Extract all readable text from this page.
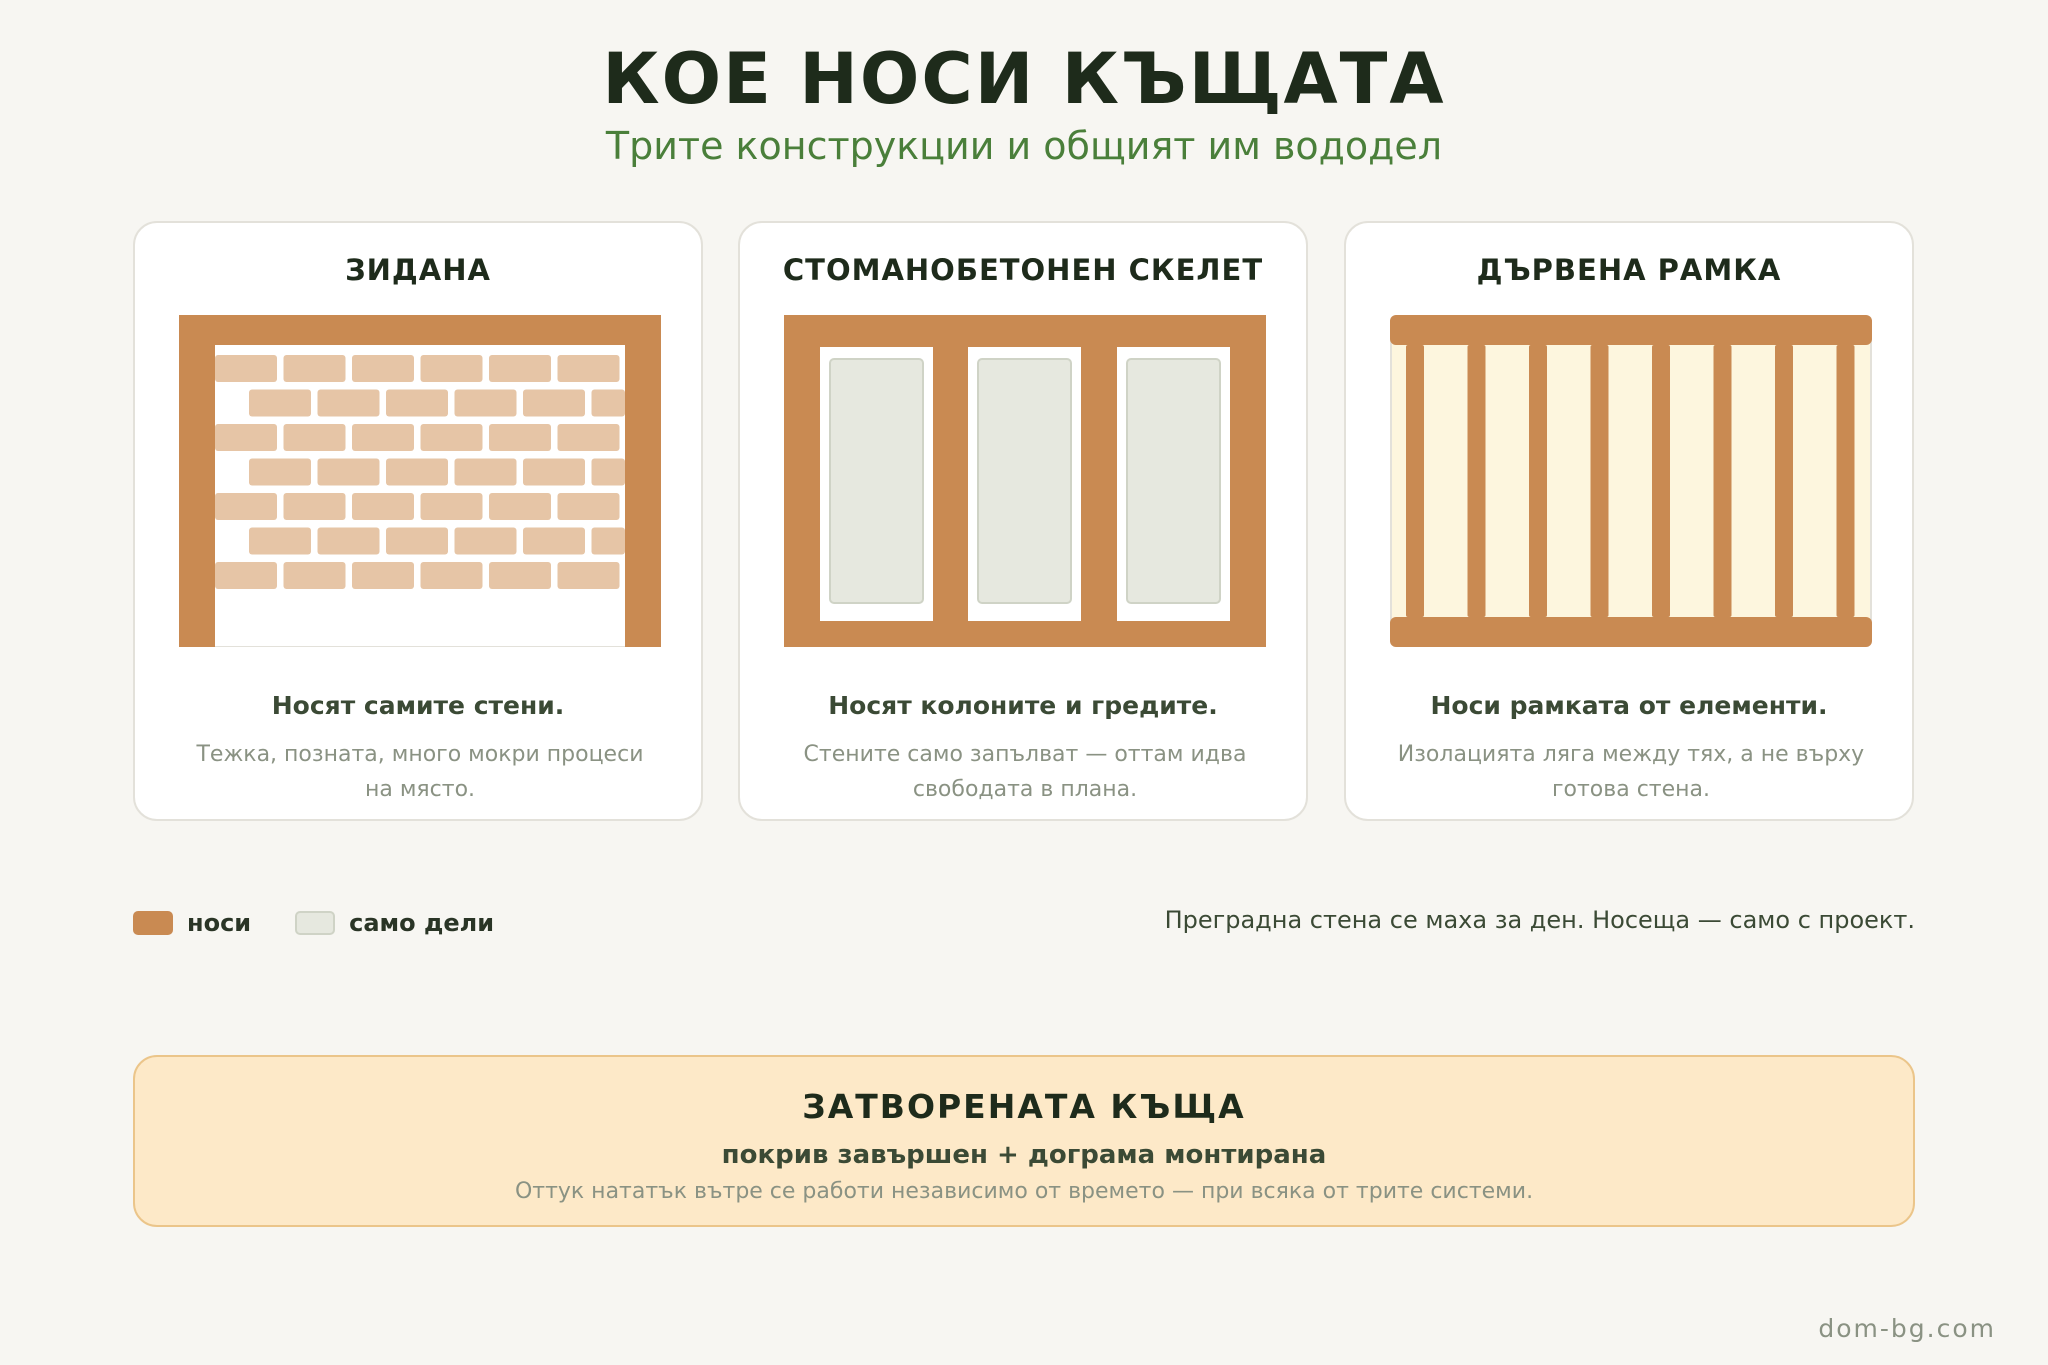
КОЕ НОСИ КЪЩАТА
Трите конструкции и общият им вододел
ЗИДАНА
Носят самите стени.
Тежка, позната, много мокри процеси на място.
СТОМАНОБЕТОНЕН СКЕЛЕТ
Носят колоните и гредите.
Стените само запълват — оттам идва свободата в плана.
ДЪРВЕНА РАМКА
Носи рамката от елементи.
Изолацията ляга между тях, а не върху готова стена.
носи	само дели	Преградна стена се маха за ден. Носеща — само с проект.
ЗАТВОРЕНАТА КЪЩА
покрив завършен + дограма монтирана
Оттук нататък вътре се работи независимо от времето — при всяка от трите системи.
dom-bg.com
